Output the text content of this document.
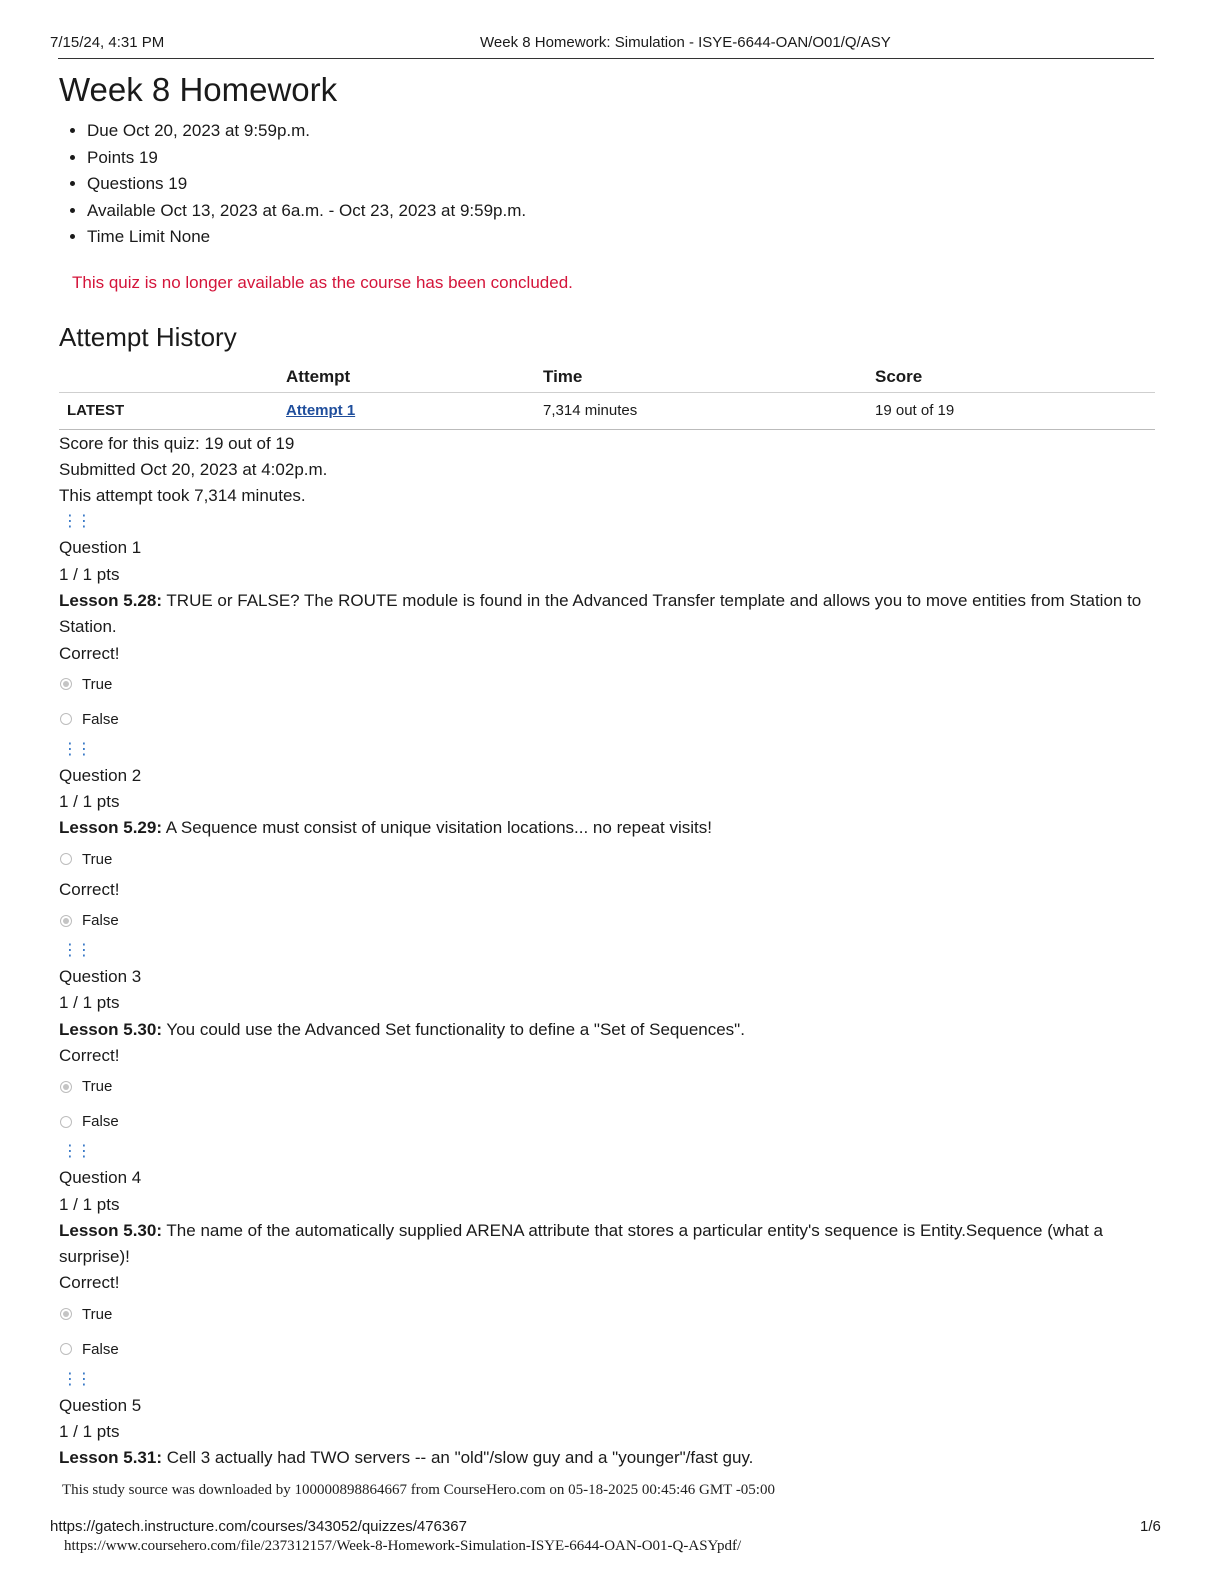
7/15/24, 4:31 PM	Week 8 Homework: Simulation - ISYE-6644-OAN/O01/Q/ASY
Week 8 Homework
• Due Oct 20, 2023 at 9:59p.m.
• Points 19
• Questions 19
• Available Oct 13, 2023 at 6a.m. - Oct 23, 2023 at 9:59p.m.
• Time Limit None
This quiz is no longer available as the course has been concluded.
Attempt History
	Attempt	Time	Score
LATEST	Attempt 1	7,314 minutes	19 out of 19
Score for this quiz: 19 out of 19
Submitted Oct 20, 2023 at 4:02p.m.
This attempt took 7,314 minutes.
⋮⋮
Question 1
1 / 1 pts
Lesson 5.28: TRUE or FALSE? The ROUTE module is found in the Advanced Transfer template and allows you to move entities from Station to Station.
Correct!
True
False
⋮⋮
Question 2
1 / 1 pts
Lesson 5.29: A Sequence must consist of unique visitation locations... no repeat visits!
True
Correct!
False
⋮⋮
Question 3
1 / 1 pts
Lesson 5.30: You could use the Advanced Set functionality to define a "Set of Sequences".
Correct!
True
False
⋮⋮
Question 4
1 / 1 pts
Lesson 5.30: The name of the automatically supplied ARENA attribute that stores a particular entity's sequence is Entity.Sequence (what a surprise)!
Correct!
True
False
⋮⋮
Question 5
1 / 1 pts
Lesson 5.31: Cell 3 actually had TWO servers -- an "old"/slow guy and a "younger"/fast guy.
This study source was downloaded by 100000898864667 from CourseHero.com on 05-18-2025 00:45:46 GMT -05:00
https://gatech.instructure.com/courses/343052/quizzes/476367	1/6
https://www.coursehero.com/file/237312157/Week-8-Homework-Simulation-ISYE-6644-OAN-O01-Q-ASYpdf/
